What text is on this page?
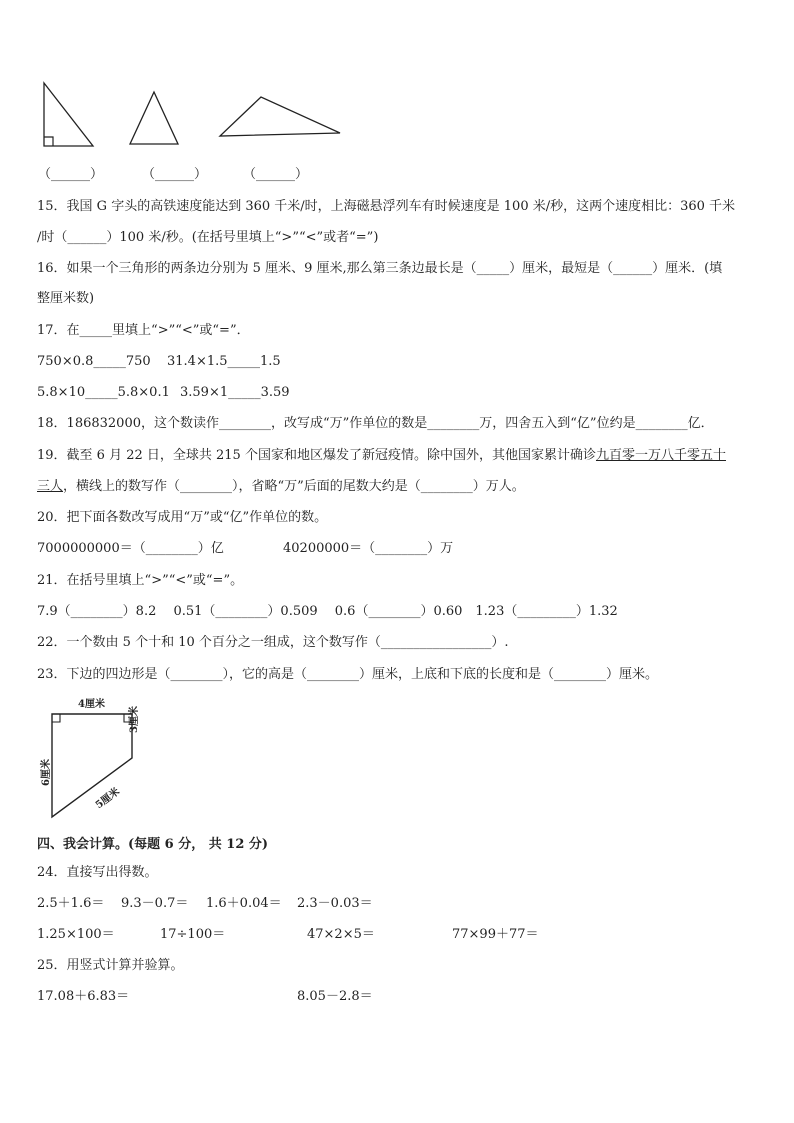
（______）	（______）	（______）
15．我国 G 字头的高铁速度能达到 360 千米/时，上海磁悬浮列车有时候速度是 100 米/秒，这两个速度相比：360 千米
/时（______）100 米/秒。(在括号里填上“>”“<”或者“=”)
16．如果一个三角形的两条边分别为 5 厘米、9 厘米,那么第三条边最长是（_____）厘米，最短是（______）厘米．(填
整厘米数)
17．在_____里填上“>”“<”或“=”．
750×0.8_____750 31.4×1.5_____1.5
5.8×10_____5.8×0.1 3.59×1_____3.59
18．186832000，这个数读作________，改写成“万”作单位的数是________万，四舍五入到“亿”位约是________亿．
19．截至 6 月 22 日，全球共 215 个国家和地区爆发了新冠疫情。除中国外，其他国家累计确诊九百零一万八千零五十
三人，横线上的数写作（________），省略“万”后面的尾数大约是（________）万人。
20．把下面各数改写成用“万”或“亿”作单位的数。
7000000000＝（________）亿	40200000＝（________）万
21．在括号里填上“>”“<”或“=”。
7.9（________）8.2　 0.51（________）0.509　 0.6（________）0.60　1.23（_________）1.32
22．一个数由 5 个十和 10 个百分之一组成，这个数写作（_________________）.
23．下边的四边形是（________），它的高是（________）厘米，上底和下底的长度和是（________）厘米。
4厘米
3厘米
6厘米
5厘米
四、我会计算。(每题 6 分， 共 12 分)
24．直接写出得数。
2.5＋1.6＝ 9.3－0.7＝ 1.6＋0.04＝ 2.3－0.03＝
1.25×100＝	17÷100＝	47×2×5＝	77×99＋77＝
25．用竖式计算并验算。
17.08＋6.83＝	8.05－2.8＝
